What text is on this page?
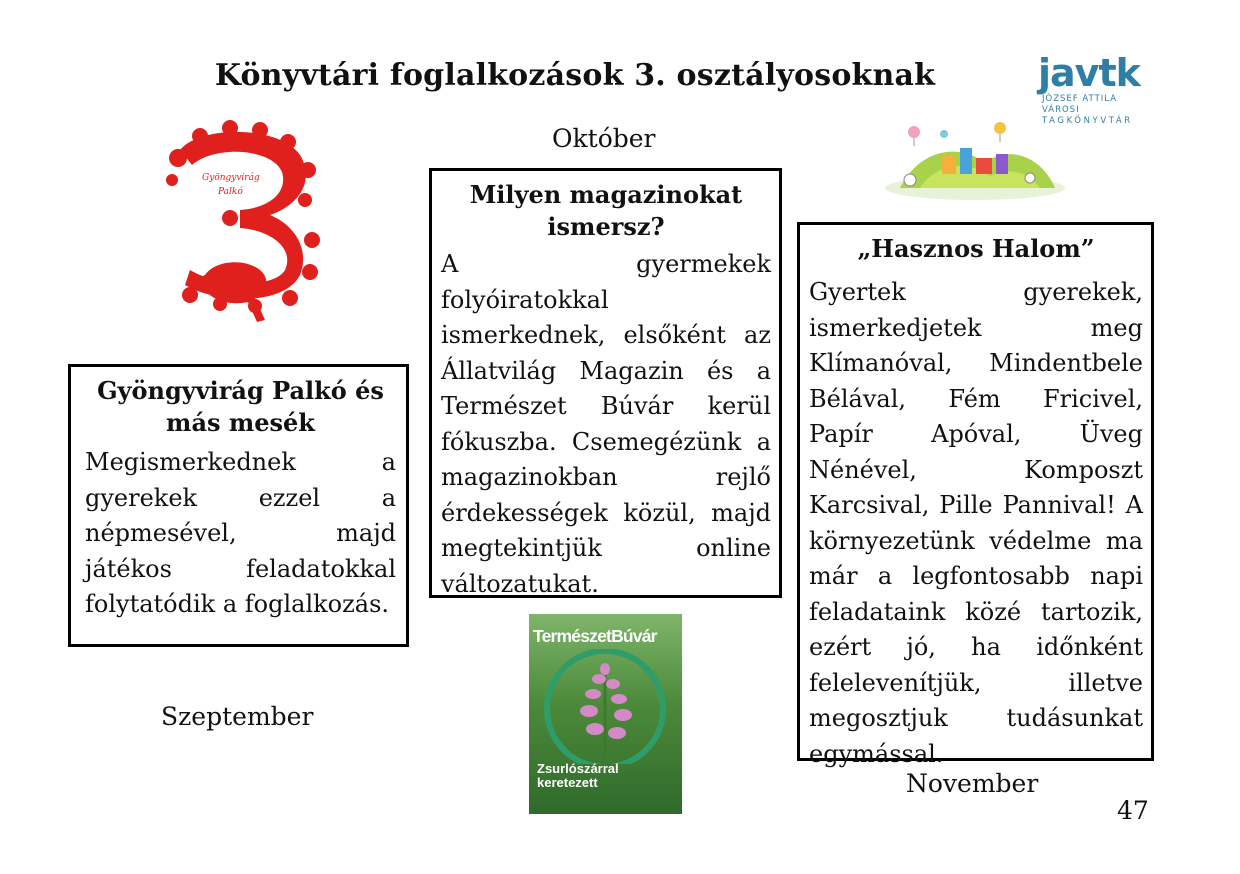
Könyvtári foglalkozások 3. osztályosoknak	javtk
JÓZSEF ATTILA VÁROSI
TAGKÖNYVTÁR
Gyöngyvirág
Palkó
Október
Szeptember
November
Gyöngyvirág Palkó és
más mesék

Megismerkednek a gyerekek ezzel a népmesével, majd játékos feladatokkal folytatódik a foglalkozás.

Milyen magazinokat
ismersz?

A gyermekek folyóiratokkal ismerkednek, elsőként az Állatvilág Magazin és a Természet Búvár kerül fókuszba. Csemegézünk a magazinokban rejlő érdekességek közül, majd megtekintjük online változatukat.

„Hasznos Halom”

Gyertek gyerekek, ismerkedjetek meg Klímanóval, Mindentbele Bélával, Fém Fricivel, Papír Apóval, Üveg Nénével, Komposzt Karcsival, Pille Pannival! A környezetünk védelme ma már a legfontosabb napi feladataink közé tartozik, ezért jó, ha időnként felelevenítjük, illetve megosztjuk tudásunkat egymással.

TermészetBúvár
Zsurlószárral
keretezett
47
